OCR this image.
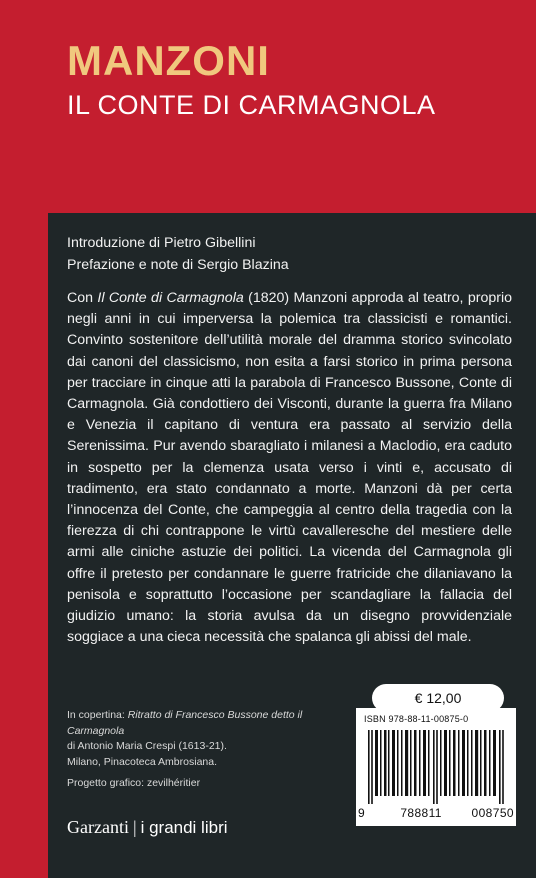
MANZONI
IL CONTE DI CARMAGNOLA
Introduzione di Pietro Gibellini
Prefazione e note di Sergio Blazina
Con Il Conte di Carmagnola (1820) Manzoni approda al teatro, proprio negli anni in cui imperversa la polemica tra classicisti e romantici. Convinto sostenitore dell’utilità morale del dramma storico svincolato dai canoni del classicismo, non esita a farsi storico in prima persona per tracciare in cinque atti la parabola di Francesco Bussone, Conte di Carmagnola. Già condottiero dei Visconti, durante la guerra fra Milano e Venezia il capitano di ventura era passato al servizio della Serenissima. Pur avendo sbaragliato i milanesi a Maclodio, era caduto in sospetto per la clemenza usata verso i vinti e, accusato di tradimento, era stato condannato a morte. Manzoni dà per certa l’innocenza del Conte, che campeggia al centro della tragedia con la fierezza di chi contrappone le virtù cavalleresche del mestiere delle armi alle ciniche astuzie dei politici. La vicenda del Carmagnola gli offre il pretesto per condannare le guerre fratricide che dilaniavano la penisola e soprattutto l’occasione per scandagliare la fallacia del giudizio umano: la storia avulsa da un disegno provvidenziale soggiace a una cieca necessità che spalanca gli abissi del male.
In copertina: Ritratto di Francesco Bussone detto il Carmagnola
di Antonio Maria Crespi (1613-21).
Milano, Pinacoteca Ambrosiana.
Progetto grafico: zevilhéritier
€ 12,00
ISBN 978-88-11-00875-0
9	788811 008750
Garzanti | i grandi libri
